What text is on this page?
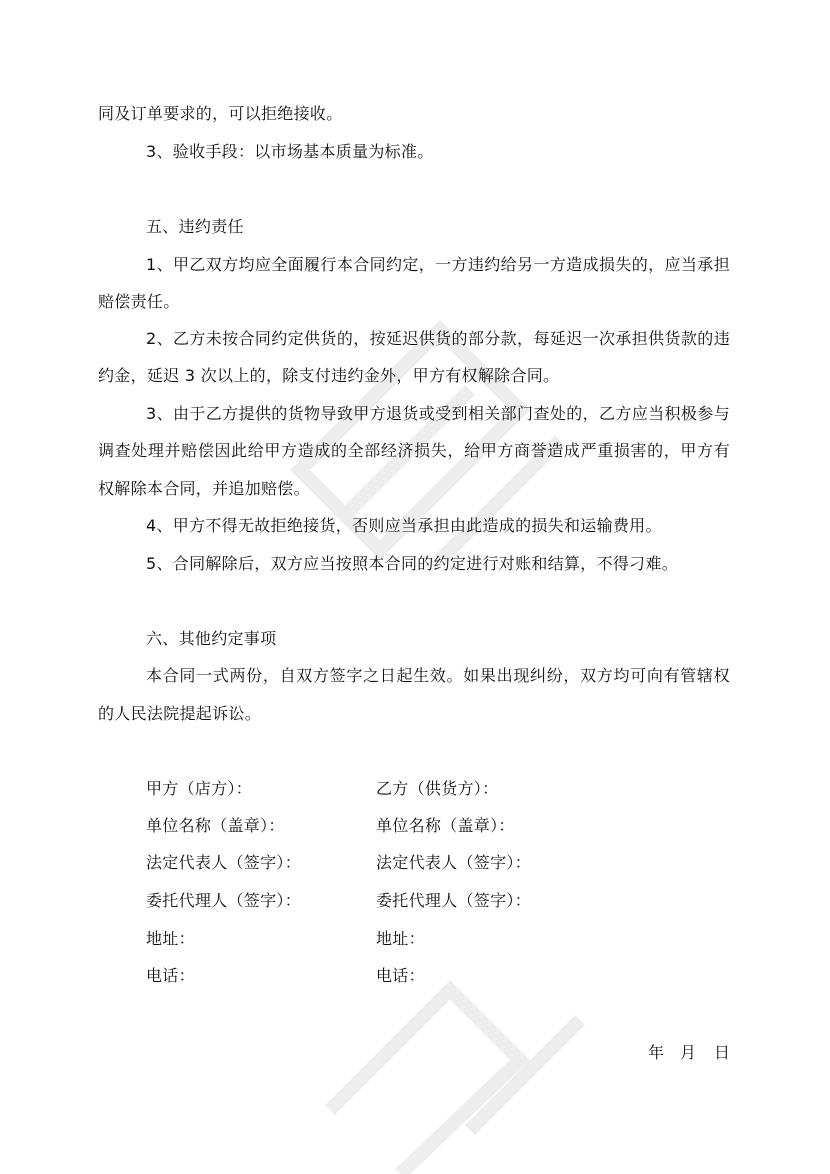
同及订单要求的，可以拒绝接收。
3、验收手段：以市场基本质量为标准。
五、违约责任
1、甲乙双方均应全面履行本合同约定，一方违约给另一方造成损失的，应当承担
赔偿责任。
2、乙方未按合同约定供货的，按延迟供货的部分款，每延迟一次承担供货款的违
约金，延迟 3 次以上的，除支付违约金外，甲方有权解除合同。
3、由于乙方提供的货物导致甲方退货或受到相关部门查处的，乙方应当积极参与
调查处理并赔偿因此给甲方造成的全部经济损失，给甲方商誉造成严重损害的，甲方有
权解除本合同，并追加赔偿。
4、甲方不得无故拒绝接货，否则应当承担由此造成的损失和运输费用。
5、合同解除后，双方应当按照本合同的约定进行对账和结算，不得刁难。
六、其他约定事项
本合同一式两份，自双方签字之日起生效。如果出现纠纷，双方均可向有管辖权
的人民法院提起诉讼。
甲方（店方）：
单位名称（盖章）：
法定代表人（签字）：
委托代理人（签字）：
地址：
电话：
乙方（供货方）：
单位名称（盖章）：
法定代表人（签字）：
委托代理人（签字）：
地址：
电话：
年 月 日
